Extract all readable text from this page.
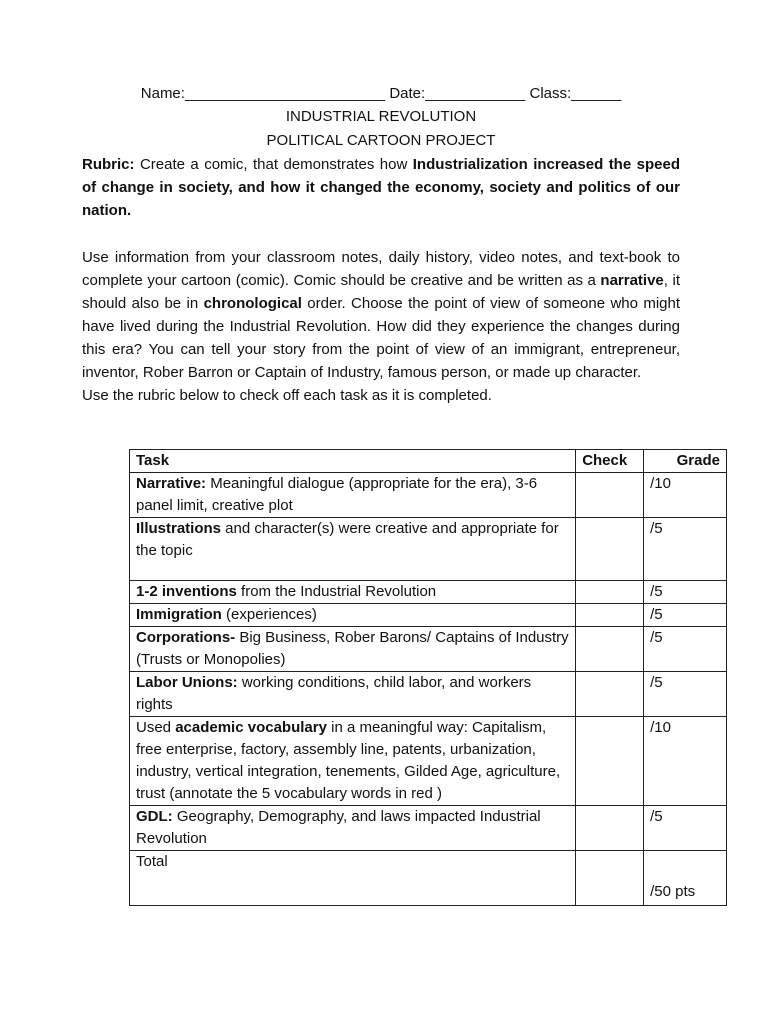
Name:________________________ Date:____________ Class:______
INDUSTRIAL REVOLUTION
POLITICAL CARTOON PROJECT

Rubric: Create a comic, that demonstrates how Industrialization increased the speed of change in society, and how it changed the economy, society and politics of our nation.

Use information from your classroom notes, daily history, video notes, and text-book to complete your cartoon (comic). Comic should be creative and be written as a narrative, it should also be in chronological order. Choose the point of view of someone who might have lived during the Industrial Revolution. How did they experience the changes during this era? You can tell your story from the point of view of an immigrant, entrepreneur, inventor, Rober Barron or Captain of Industry, famous person, or made up character.

Use the rubric below to check off each task as it is completed.
Task	Check	Grade
Narrative: Meaningful dialogue (appropriate for the era), 3-6 panel limit, creative plot		/10
Illustrations and character(s) were creative and appropriate for the topic		/5
1-2 inventions from the Industrial Revolution		/5
Immigration (experiences)		/5
Corporations- Big Business, Rober Barons/ Captains of Industry (Trusts or Monopolies)		/5
Labor Unions: working conditions, child labor, and workers rights		/5
Used academic vocabulary in a meaningful way: Capitalism, free enterprise, factory, assembly line, patents, urbanization, industry, vertical integration, tenements, Gilded Age, agriculture, trust (annotate the 5 vocabulary words in red )		/10
GDL: Geography, Demography, and laws impacted Industrial Revolution		/5
Total		/50 pts
